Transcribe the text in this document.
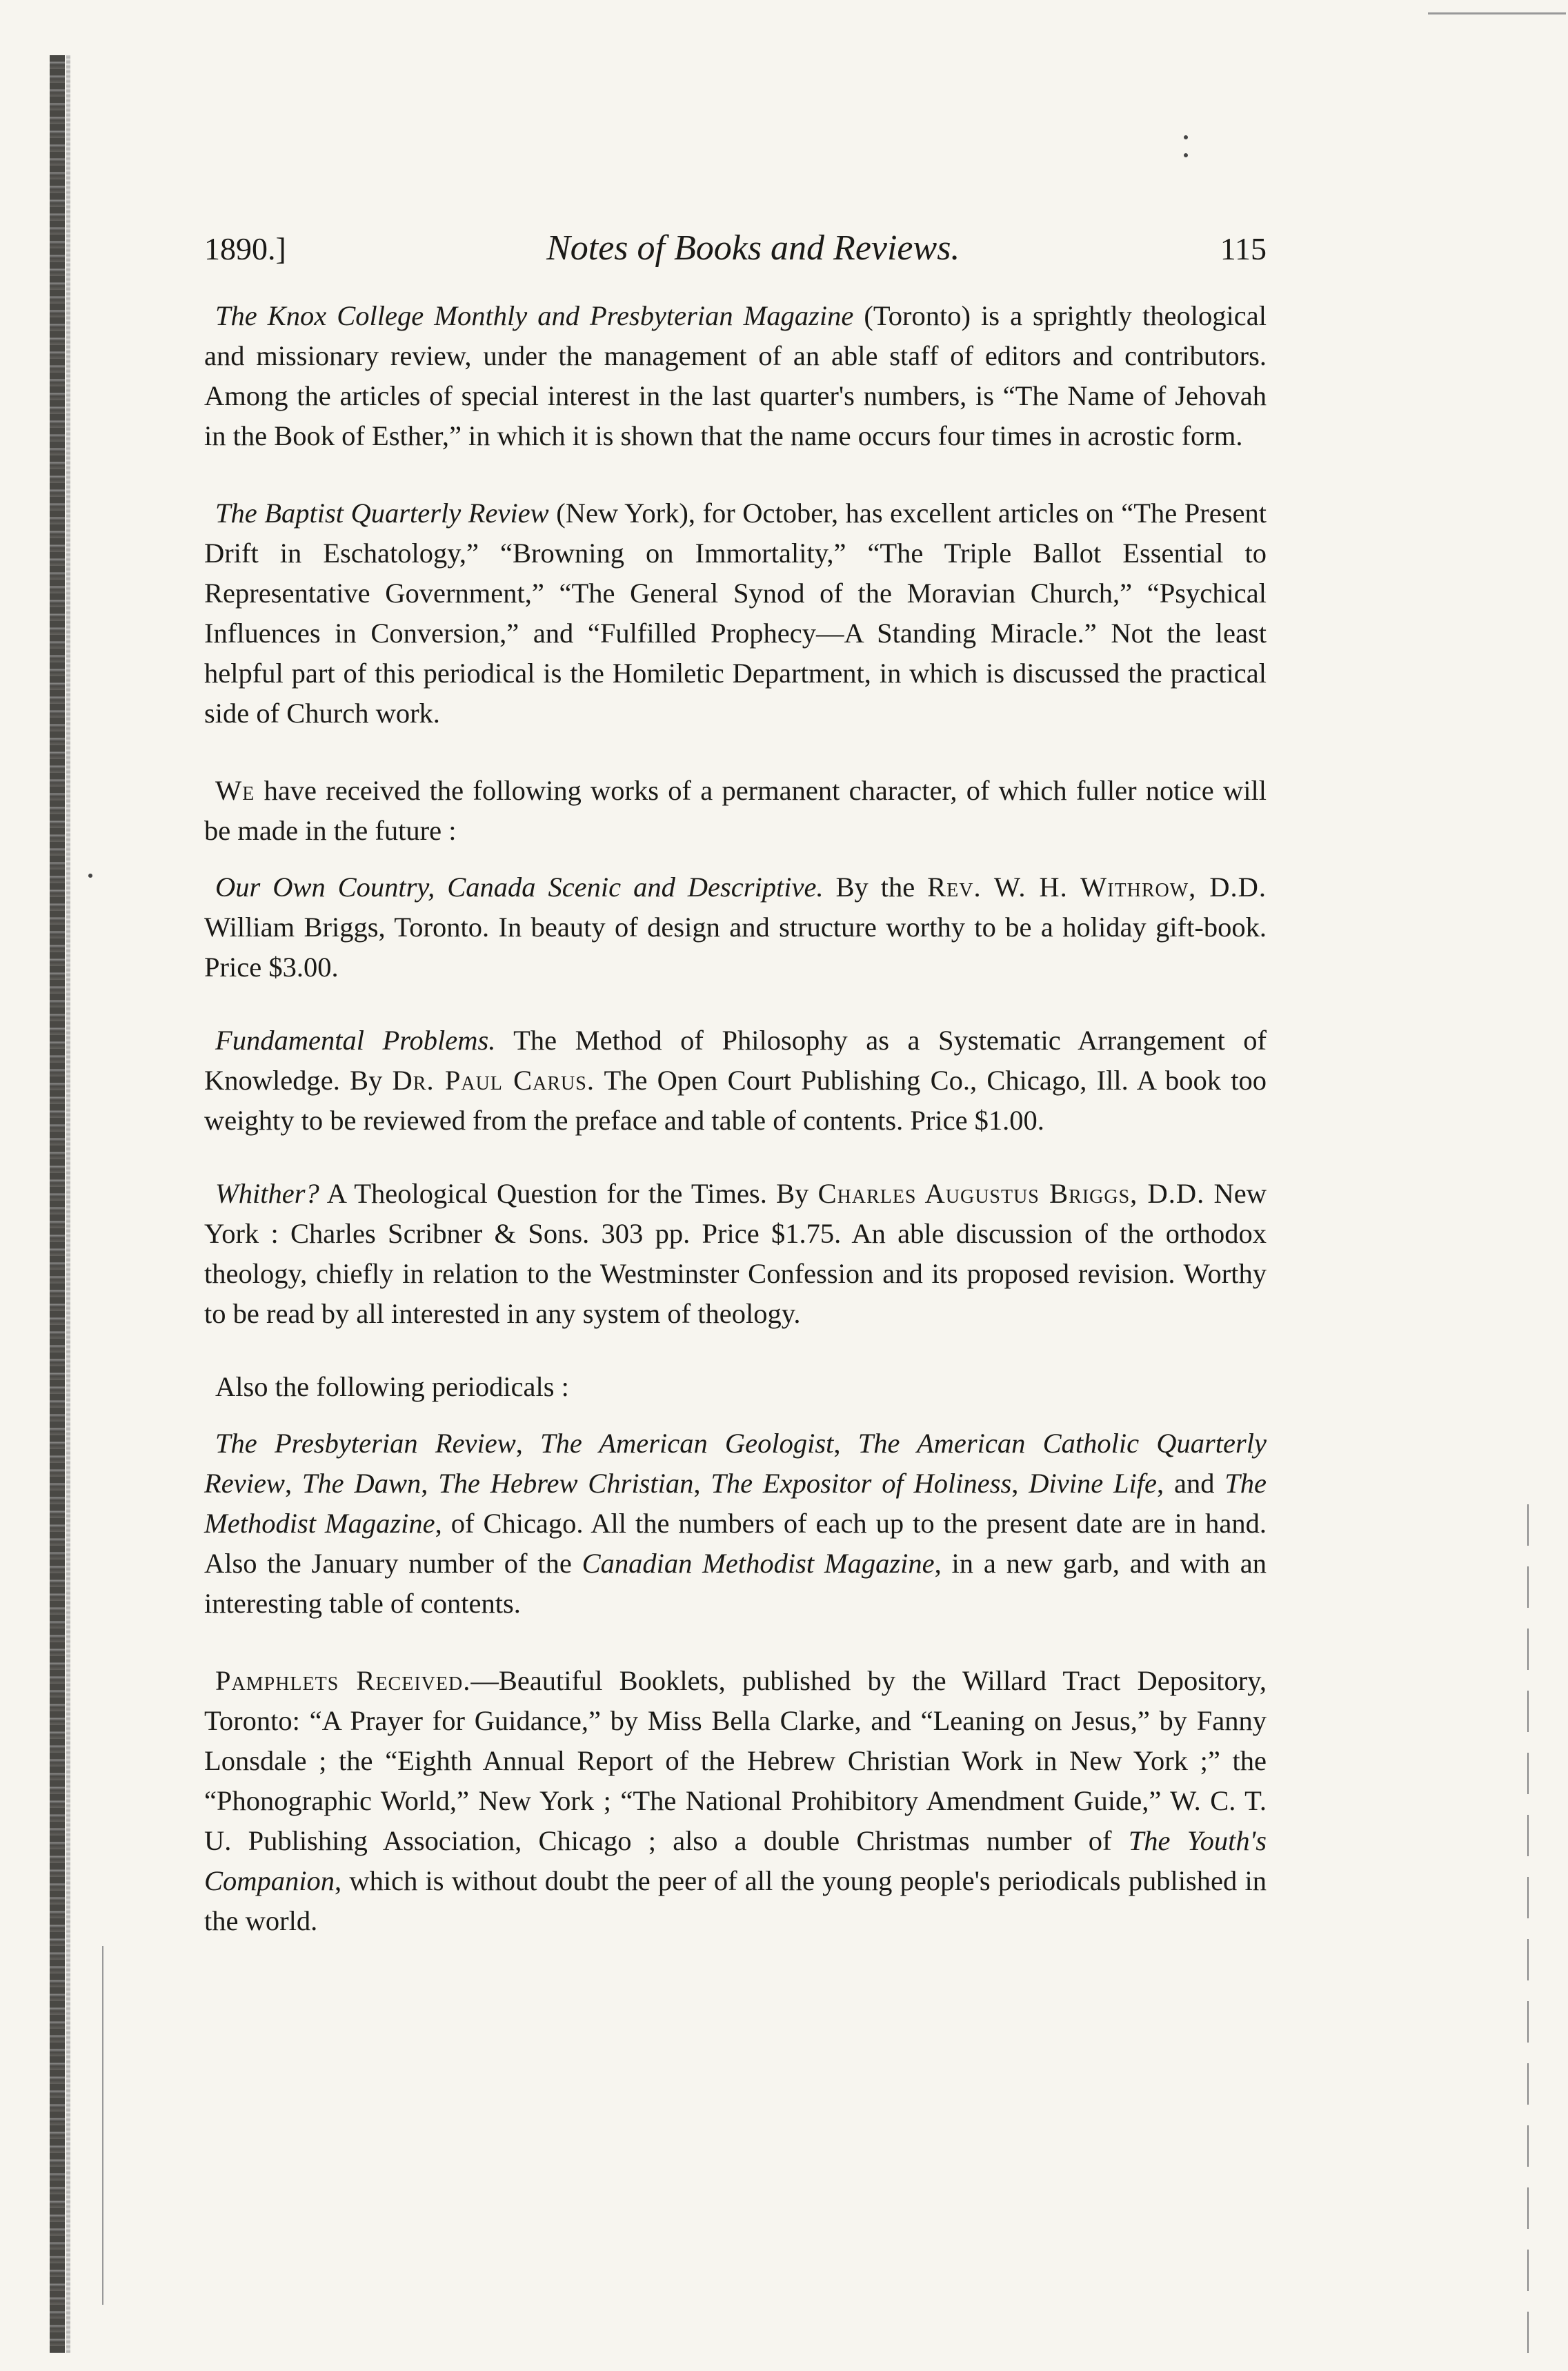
1890.]	Notes of Books and Reviews.	115

The Knox College Monthly and Presbyterian Magazine (Toronto) is a sprightly theological and missionary review, under the management of an able staff of editors and contributors. Among the articles of special interest in the last quarter's numbers, is “The Name of Jehovah in the Book of Esther,” in which it is shown that the name occurs four times in acrostic form.

The Baptist Quarterly Review (New York), for October, has excellent articles on “The Present Drift in Eschatology,” “Browning on Immortality,” “The Triple Ballot Essential to Representative Government,” “The General Synod of the Moravian Church,” “Psychical Influences in Conversion,” and “Fulfilled Prophecy—A Standing Miracle.” Not the least helpful part of this periodical is the Homiletic Department, in which is discussed the practical side of Church work.

We have received the following works of a permanent character, of which fuller notice will be made in the future :

Our Own Country, Canada Scenic and Descriptive. By the Rev. W. H. Withrow, D.D. William Briggs, Toronto. In beauty of design and structure worthy to be a holiday gift-book. Price $3.00.

Fundamental Problems. The Method of Philosophy as a Systematic Arrangement of Knowledge. By Dr. Paul Carus. The Open Court Publishing Co., Chicago, Ill. A book too weighty to be reviewed from the preface and table of contents. Price $1.00.

Whither? A Theological Question for the Times. By Charles Augustus Briggs, D.D. New York : Charles Scribner & Sons. 303 pp. Price $1.75. An able discussion of the orthodox theology, chiefly in relation to the Westminster Confession and its proposed revision. Worthy to be read by all interested in any system of theology.

Also the following periodicals :

The Presbyterian Review, The American Geologist, The American Catholic Quarterly Review, The Dawn, The Hebrew Christian, The Expositor of Holiness, Divine Life, and The Methodist Magazine, of Chicago. All the numbers of each up to the present date are in hand. Also the January number of the Canadian Methodist Magazine, in a new garb, and with an interesting table of contents.

Pamphlets Received.—Beautiful Booklets, published by the Willard Tract Depository, Toronto: “A Prayer for Guidance,” by Miss Bella Clarke, and “Leaning on Jesus,” by Fanny Lonsdale ; the “Eighth Annual Report of the Hebrew Christian Work in New York ;” the “Phonographic World,” New York ; “The National Prohibitory Amendment Guide,” W. C. T. U. Publishing Association, Chicago ; also a double Christmas number of The Youth's Companion, which is without doubt the peer of all the young people's periodicals published in the world.
